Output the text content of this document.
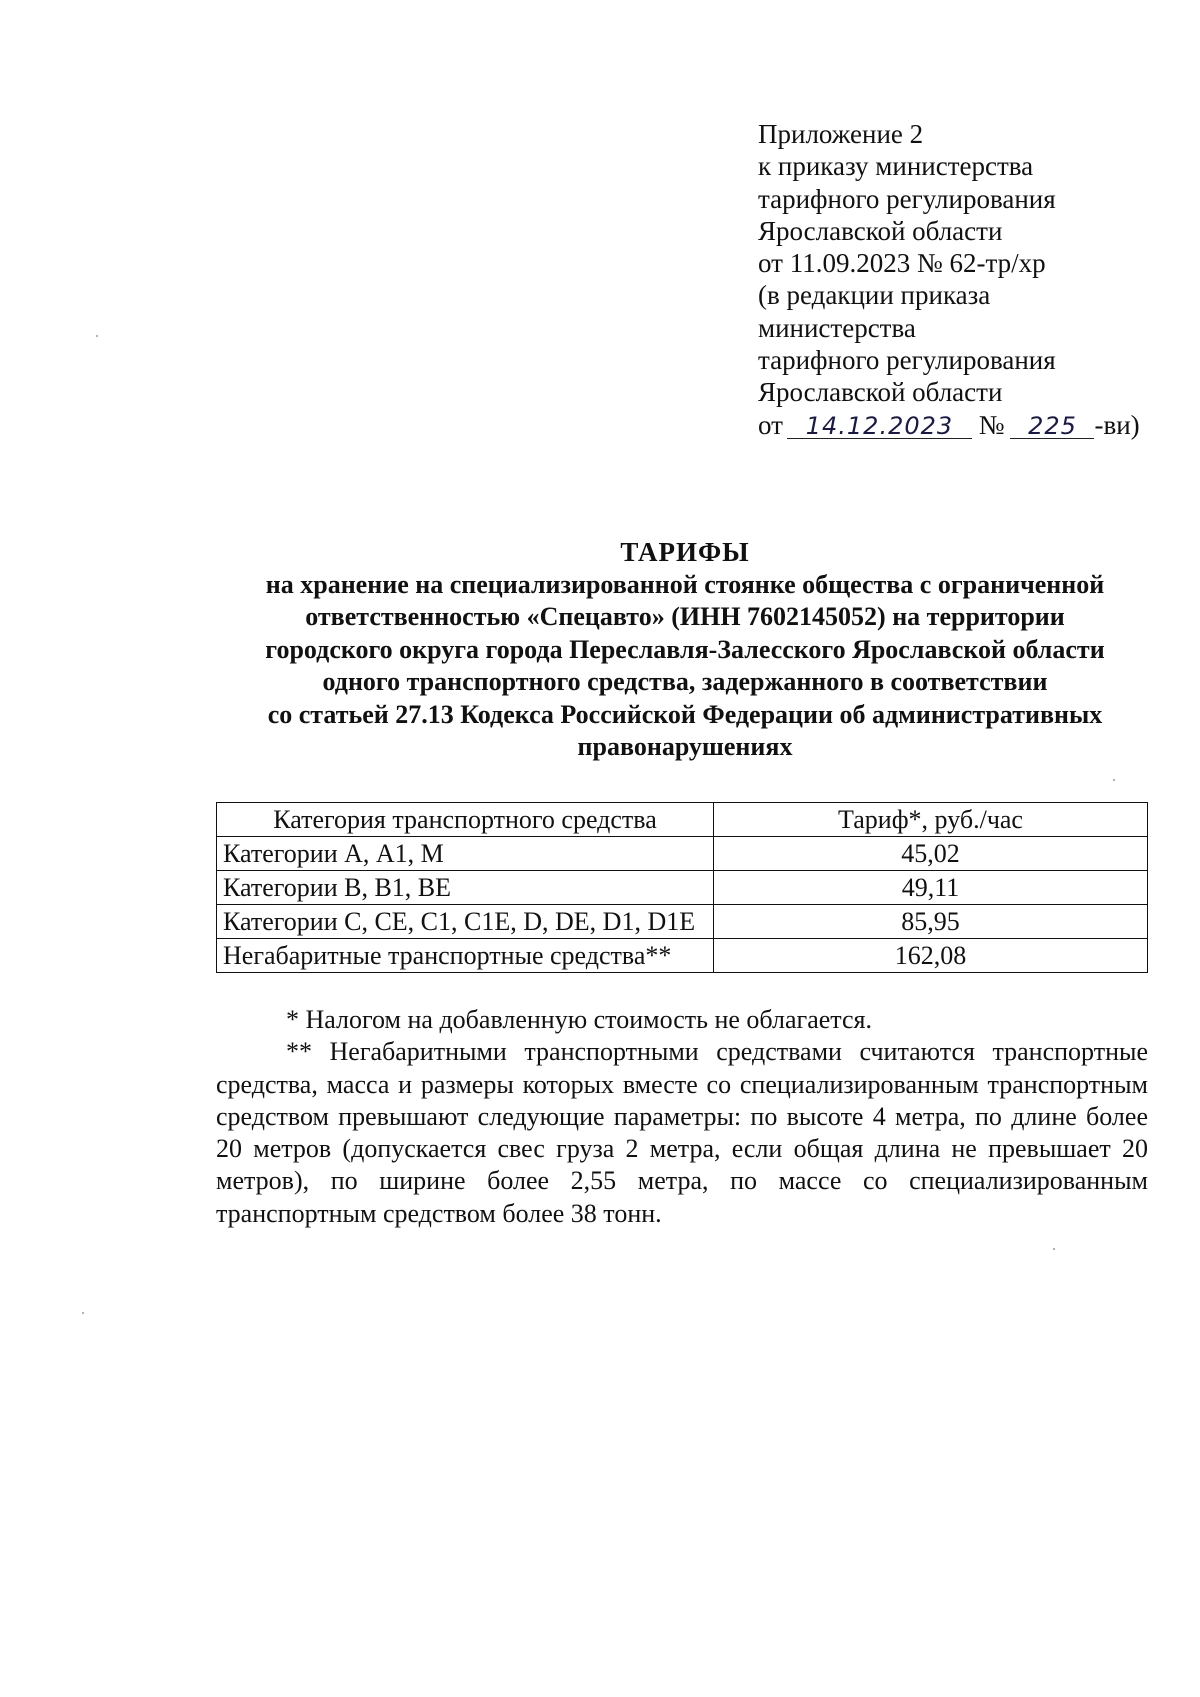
Приложение 2
к приказу министерства
тарифного регулирования
Ярославской области
от 11.09.2023 № 62-тр/хр
(в редакции приказа
министерства
тарифного регулирования
Ярославской области
от 14.12.2023 № 225 -ви)
ТАРИФЫ
на хранение на специализированной стоянке общества с ограниченной
ответственностью «Спецавто» (ИНН 7602145052) на территории
городского округа города Переславля-Залесского Ярославской области
одного транспортного средства, задержанного в соответствии
со статьей 27.13 Кодекса Российской Федерации об административных
правонарушениях
Категория транспортного средства	Тариф*, руб./час
Категории А, А1, М	45,02
Категории В, В1, BE	49,11
Категории С, СЕ, С1, С1Е, D, DE, D1, D1E	85,95
Негабаритные транспортные средства**	162,08

* Налогом на добавленную стоимость не облагается.

** Негабаритными транспортными средствами считаются транспортные средства, масса и размеры которых вместе со специализированным транспортным средством превышают следующие параметры: по высоте 4 метра, по длине более 20 метров (допускается свес груза 2 метра, если общая длина не превышает 20 метров), по ширине более 2,55 метра, по массе со специализированным транспортным средством более 38 тонн.
